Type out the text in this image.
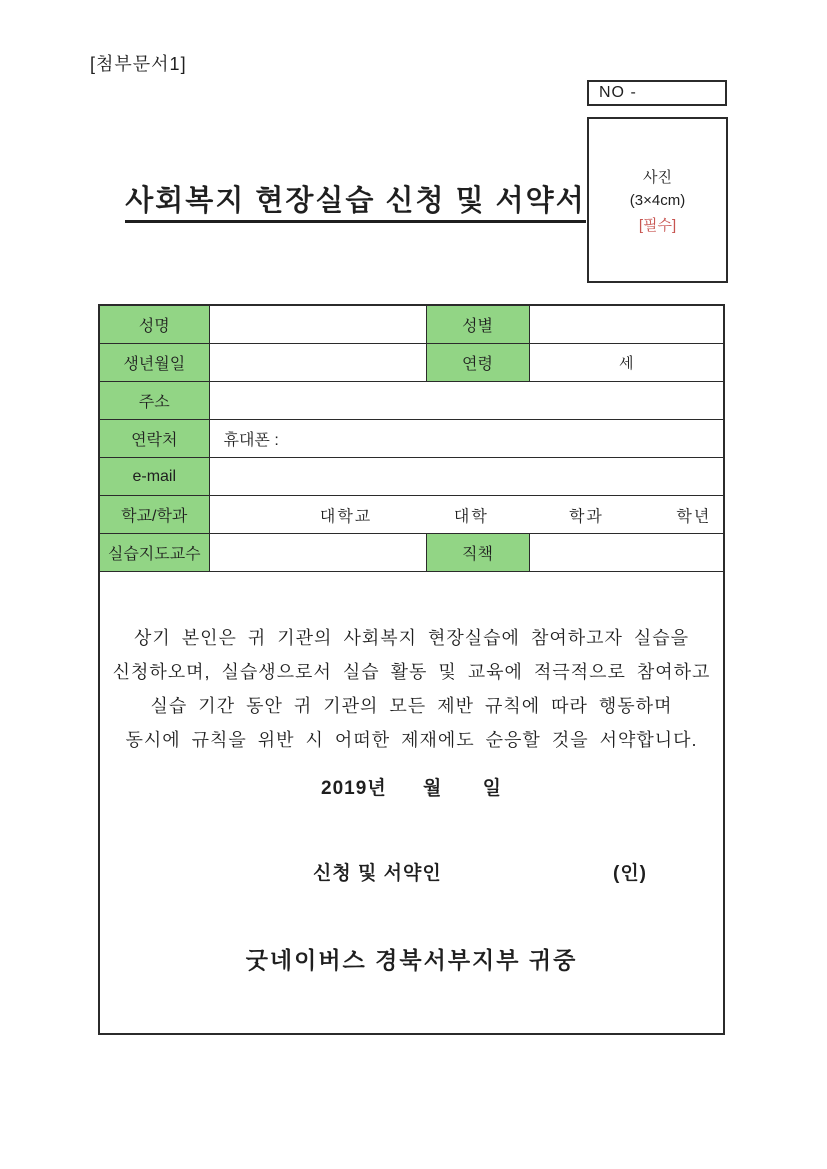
[첨부문서1]
NO -
사진
(3×4cm)
[필수]
사회복지 현장실습 신청 및 서약서
성명		성별	
생년월일		연령	세
주소			
연락처	휴대폰 :		
e-mail			
학교/학과	대학교 대학 학과 학년		

실습지도교수		직책	

상기 본인은 귀 기관의 사회복지 현장실습에 참여하고자 실습을
신청하오며, 실습생으로서 실습 활동 및 교육에 적극적으로 참여하고
실습 기간 동안 귀 기관의 모든 제반 규칙에 따라 행동하며
동시에 규칙을 위반 시 어떠한 제재에도 순응할 것을 서약합니다.
2019년 월 일
신청 및 서약인	(인)
굿네이버스 경북서부지부 귀중
